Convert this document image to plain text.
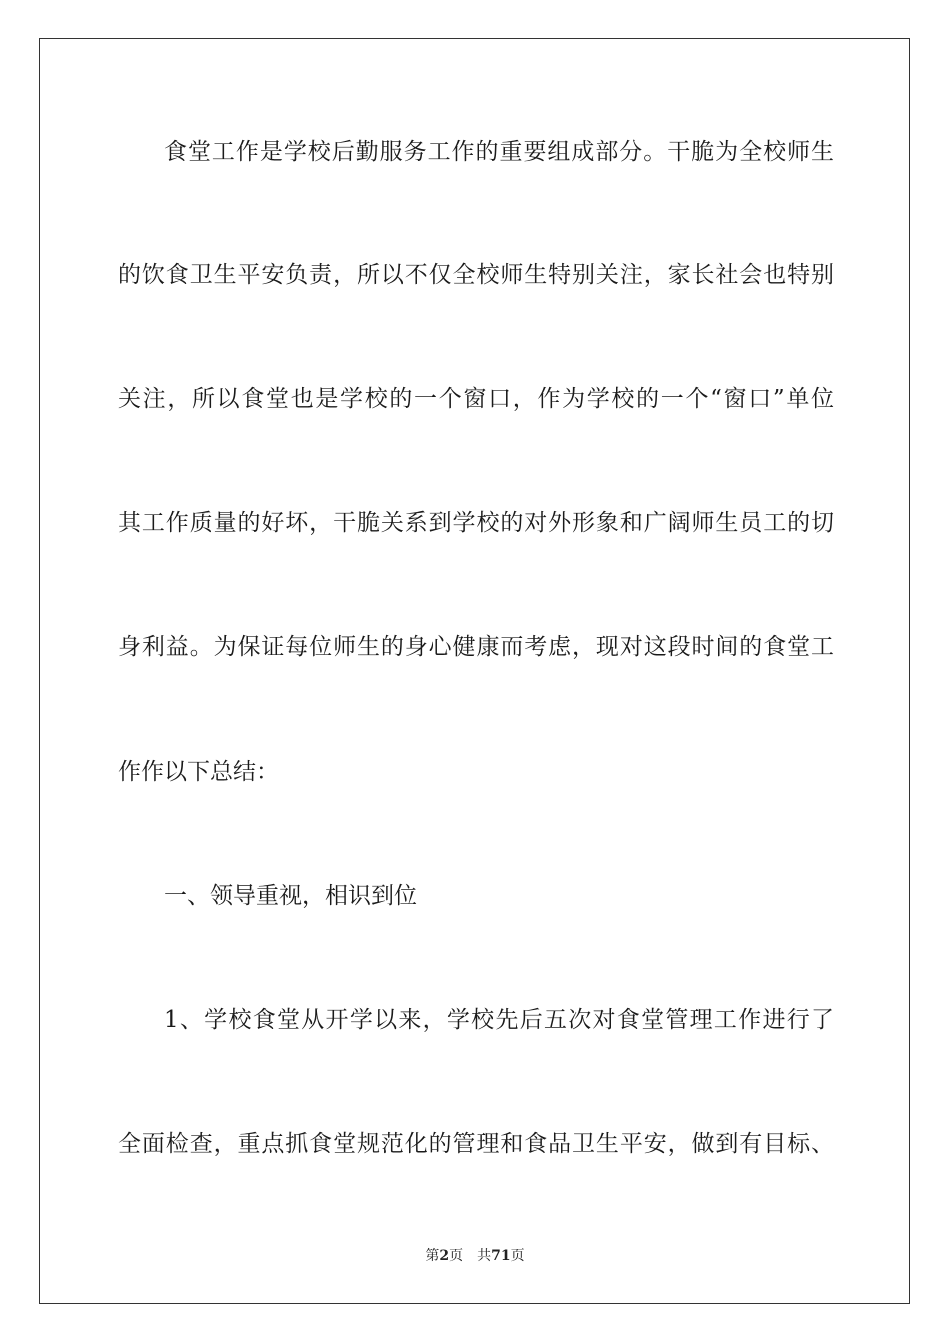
食堂工作是学校后勤服务工作的重要组成部分。干脆为全校师生
的饮食卫生平安负责，所以不仅全校师生特别关注，家长社会也特别
关注，所以食堂也是学校的一个窗口，作为学校的一个“窗口”单位
其工作质量的好坏，干脆关系到学校的对外形象和广阔师生员工的切
身利益。为保证每位师生的身心健康而考虑，现对这段时间的食堂工
作作以下总结：
一、领导重视，相识到位
1、学校食堂从开学以来，学校先后五次对食堂管理工作进行了
全面检查，重点抓食堂规范化的管理和食品卫生平安，做到有目标、
第2页 共71页
